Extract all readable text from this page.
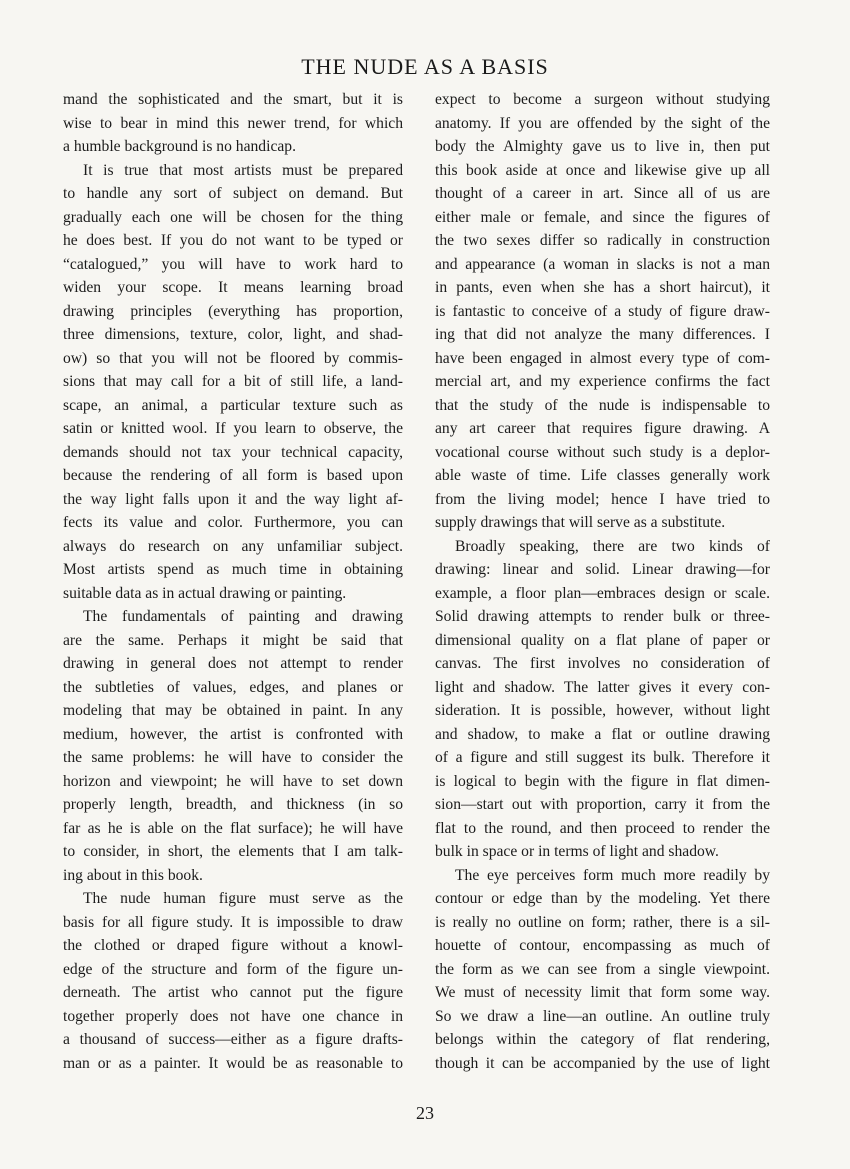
THE NUDE AS A BASIS
mand the sophisticated and the smart, but it is
wise to bear in mind this newer trend, for which
a humble background is no handicap.
It is true that most artists must be prepared
to handle any sort of subject on demand. But
gradually each one will be chosen for the thing
he does best. If you do not want to be typed or
“catalogued,” you will have to work hard to
widen your scope. It means learning broad
drawing principles (everything has proportion,
three dimensions, texture, color, light, and shad-
ow) so that you will not be floored by commis-
sions that may call for a bit of still life, a land-
scape, an animal, a particular texture such as
satin or knitted wool. If you learn to observe, the
demands should not tax your technical capacity,
because the rendering of all form is based upon
the way light falls upon it and the way light af-
fects its value and color. Furthermore, you can
always do research on any unfamiliar subject.
Most artists spend as much time in obtaining
suitable data as in actual drawing or painting.
The fundamentals of painting and drawing
are the same. Perhaps it might be said that
drawing in general does not attempt to render
the subtleties of values, edges, and planes or
modeling that may be obtained in paint. In any
medium, however, the artist is confronted with
the same problems: he will have to consider the
horizon and viewpoint; he will have to set down
properly length, breadth, and thickness (in so
far as he is able on the flat surface); he will have
to consider, in short, the elements that I am talk-
ing about in this book.
The nude human figure must serve as the
basis for all figure study. It is impossible to draw
the clothed or draped figure without a knowl-
edge of the structure and form of the figure un-
derneath. The artist who cannot put the figure
together properly does not have one chance in
a thousand of success—either as a figure drafts-
man or as a painter. It would be as reasonable to
expect to become a surgeon without studying
anatomy. If you are offended by the sight of the
body the Almighty gave us to live in, then put
this book aside at once and likewise give up all
thought of a career in art. Since all of us are
either male or female, and since the figures of
the two sexes differ so radically in construction
and appearance (a woman in slacks is not a man
in pants, even when she has a short haircut), it
is fantastic to conceive of a study of figure draw-
ing that did not analyze the many differences. I
have been engaged in almost every type of com-
mercial art, and my experience confirms the fact
that the study of the nude is indispensable to
any art career that requires figure drawing. A
vocational course without such study is a deplor-
able waste of time. Life classes generally work
from the living model; hence I have tried to
supply drawings that will serve as a substitute.
Broadly speaking, there are two kinds of
drawing: linear and solid. Linear drawing—for
example, a floor plan—embraces design or scale.
Solid drawing attempts to render bulk or three-
dimensional quality on a flat plane of paper or
canvas. The first involves no consideration of
light and shadow. The latter gives it every con-
sideration. It is possible, however, without light
and shadow, to make a flat or outline drawing
of a figure and still suggest its bulk. Therefore it
is logical to begin with the figure in flat dimen-
sion—start out with proportion, carry it from the
flat to the round, and then proceed to render the
bulk in space or in terms of light and shadow.
The eye perceives form much more readily by
contour or edge than by the modeling. Yet there
is really no outline on form; rather, there is a sil-
houette of contour, encompassing as much of
the form as we can see from a single viewpoint.
We must of necessity limit that form some way.
So we draw a line—an outline. An outline truly
belongs within the category of flat rendering,
though it can be accompanied by the use of light
23
